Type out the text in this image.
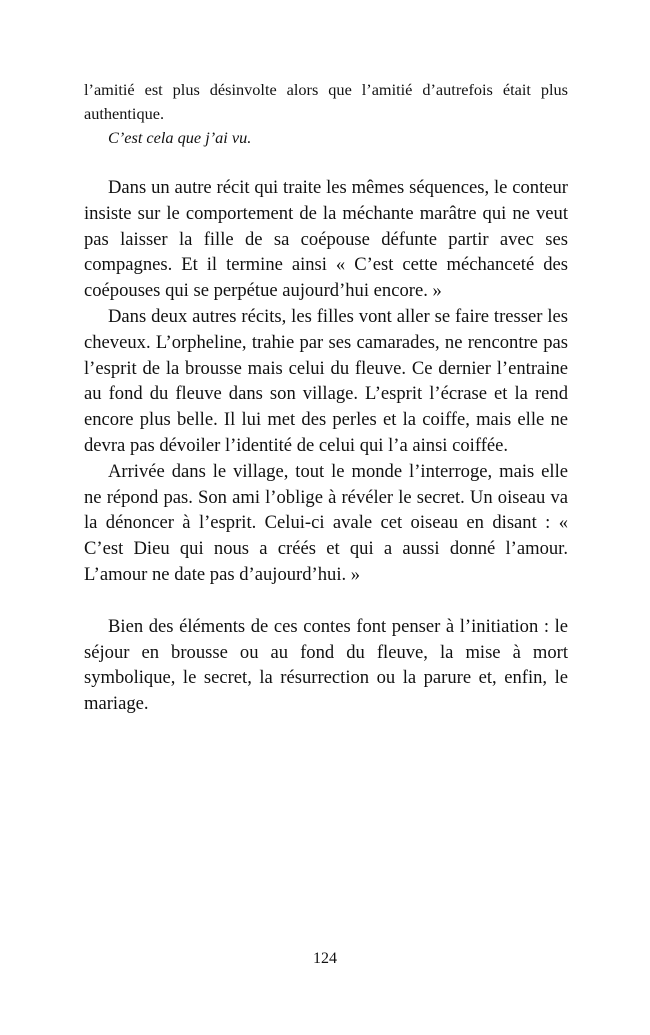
l’amitié est plus désinvolte alors que l’amitié d’autrefois était plus authentique.

C’est cela que j’ai vu.

Dans un autre récit qui traite les mêmes séquences, le conteur insiste sur le comportement de la méchante marâtre qui ne veut pas laisser la fille de sa coépouse défunte partir avec ses compagnes. Et il termine ainsi « C’est cette méchanceté des coépouses qui se perpétue aujourd’hui encore. »

Dans deux autres récits, les filles vont aller se faire tresser les cheveux. L’orpheline, trahie par ses camarades, ne rencontre pas l’esprit de la brousse mais celui du fleuve. Ce dernier l’entraine au fond du fleuve dans son village. L’esprit l’écrase et la rend encore plus belle. Il lui met des perles et la coiffe, mais elle ne devra pas dévoiler l’identité de celui qui l’a ainsi coiffée.

Arrivée dans le village, tout le monde l’interroge, mais elle ne répond pas. Son ami l’oblige à révéler le secret. Un oiseau va la dénoncer à l’esprit. Celui-ci avale cet oiseau en disant : « C’est Dieu qui nous a créés et qui a aussi donné l’amour. L’amour ne date pas d’aujourd’hui. »

Bien des éléments de ces contes font penser à l’initiation : le séjour en brousse ou au fond du fleuve, la mise à mort symbolique, le secret, la résurrection ou la parure et, enfin, le mariage.

124
